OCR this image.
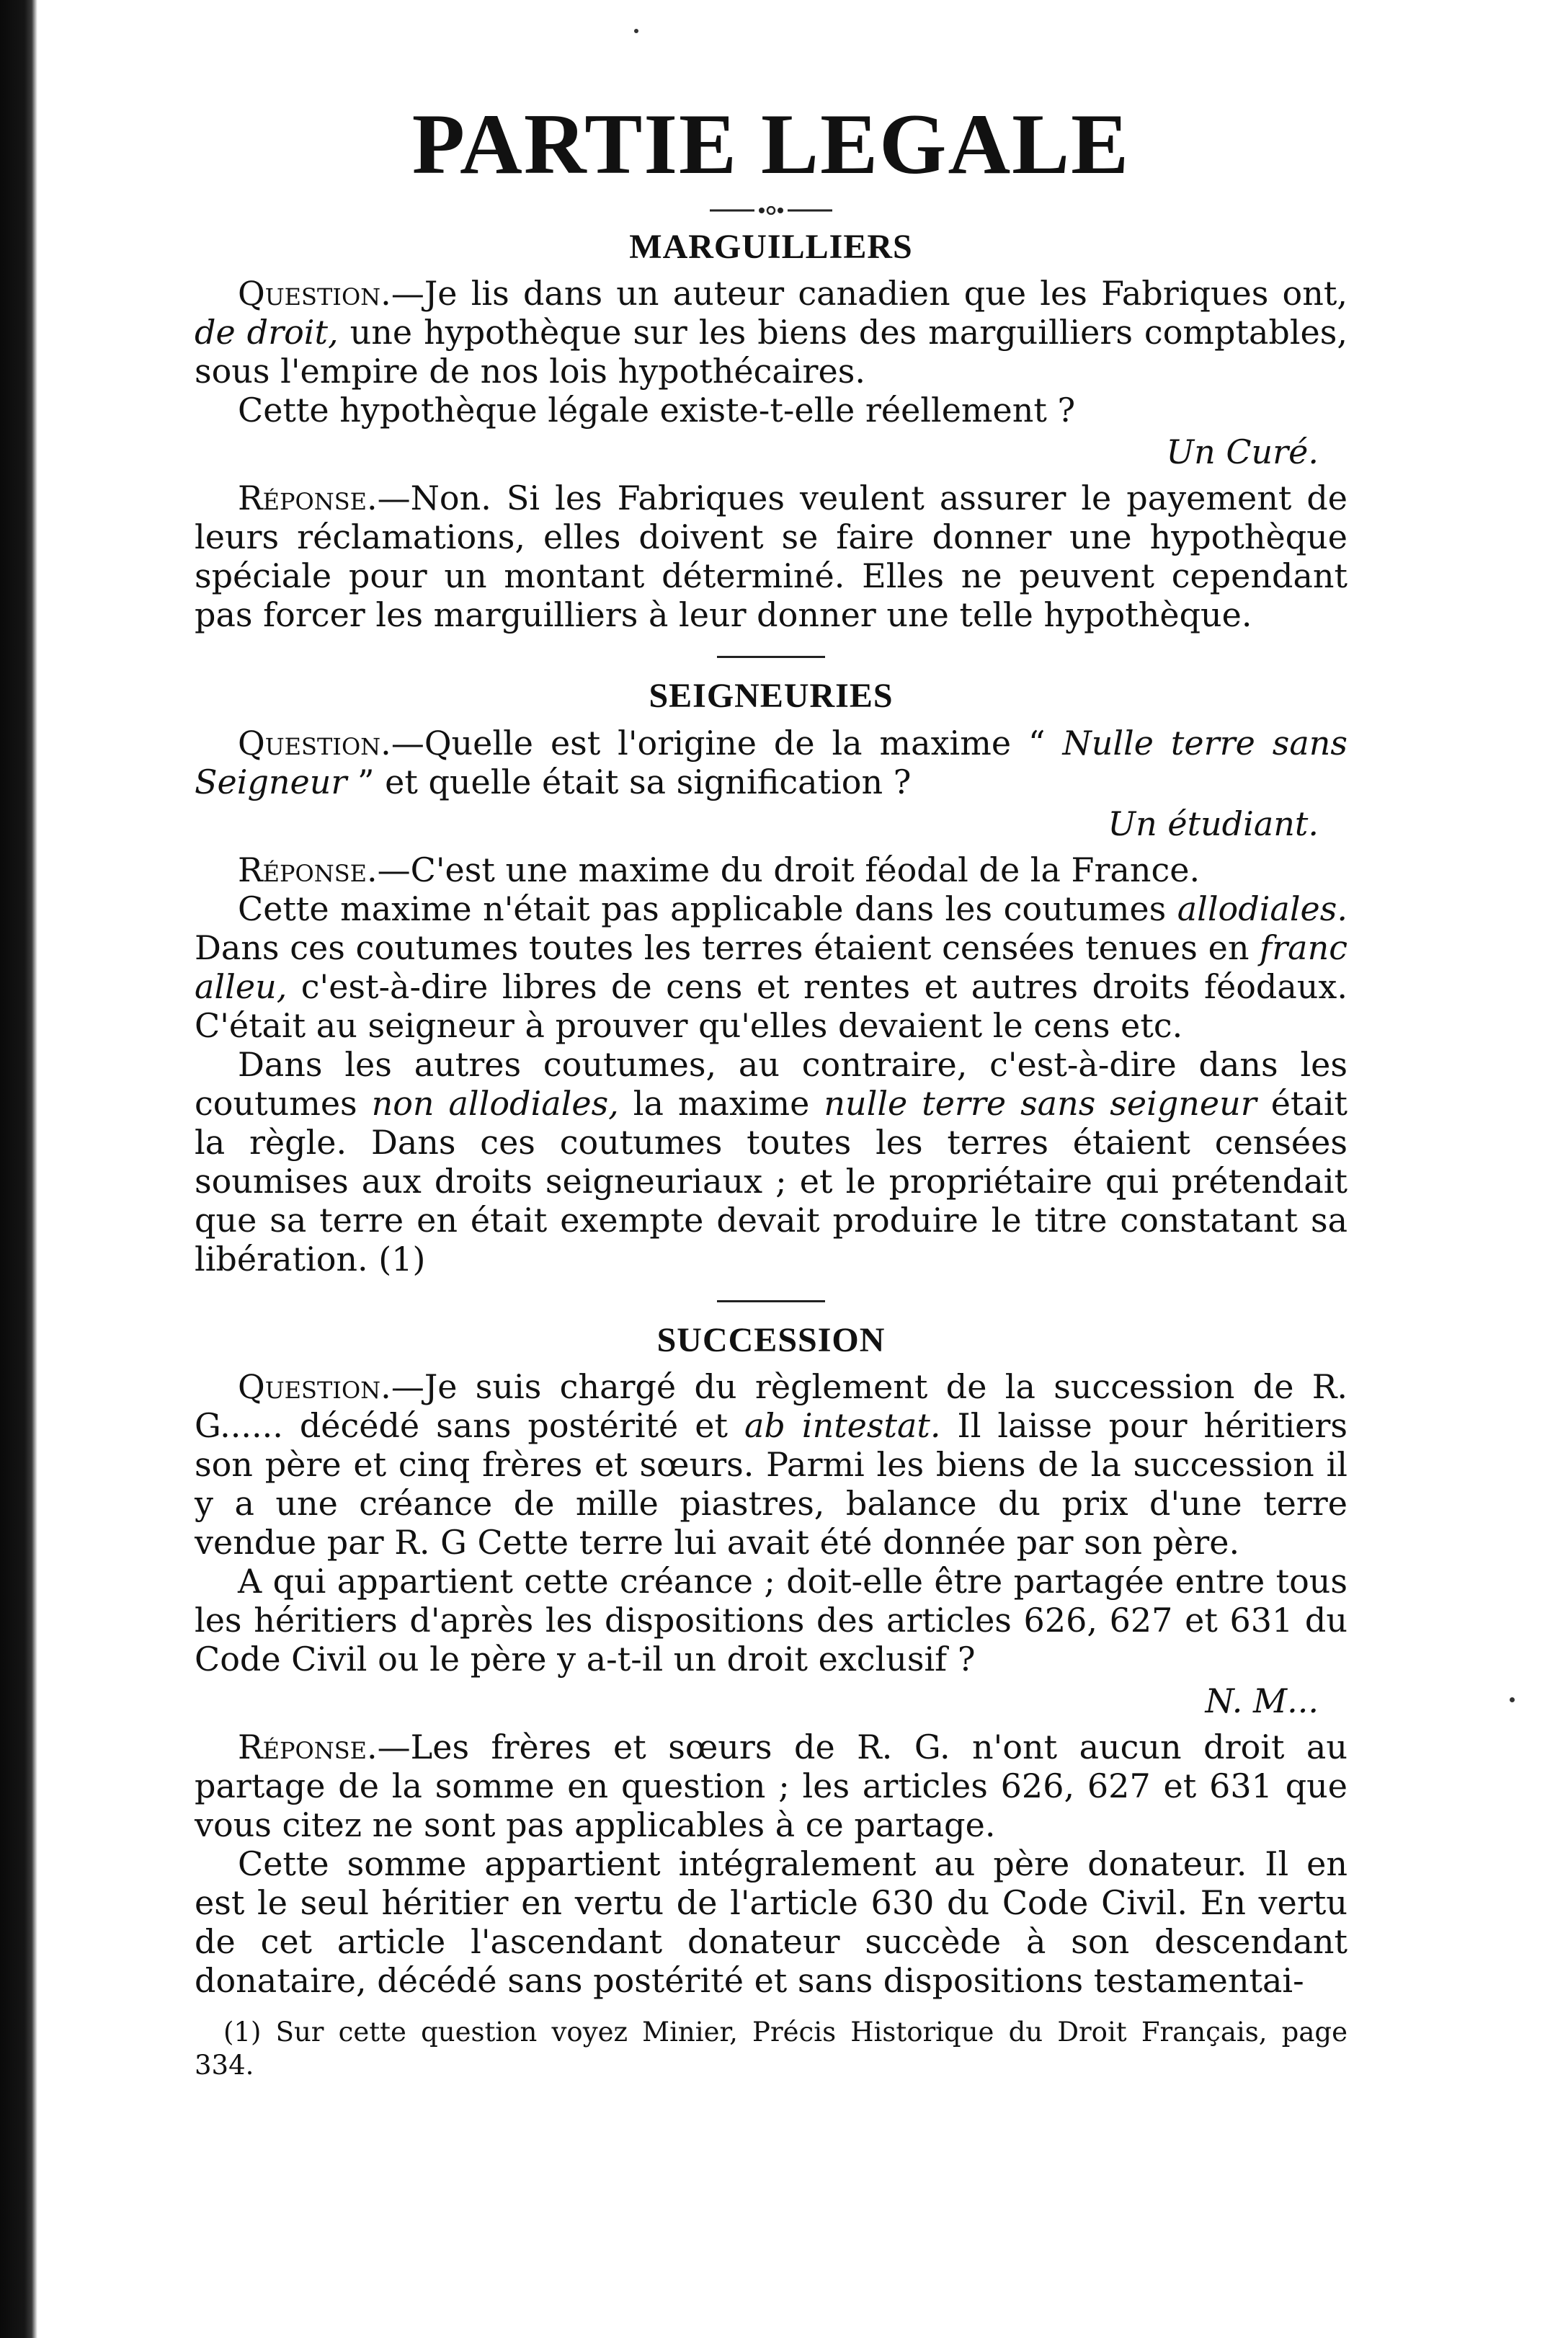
PARTIE LEGALE
MARGUILLIERS

Question.—Je lis dans un auteur canadien que les Fabriques ont, de droit, une hypothèque sur les biens des marguilliers comptables, sous l'empire de nos lois hypothécaires.

Cette hypothèque légale existe-t-elle réellement ?

Un Curé.

Réponse.—Non. Si les Fabriques veulent assurer le payement de leurs réclamations, elles doivent se faire donner une hypothèque spéciale pour un montant déterminé. Elles ne peuvent cependant pas forcer les marguilliers à leur donner une telle hypothèque.

SEIGNEURIES

Question.—Quelle est l'origine de la maxime “ Nulle terre sans Seigneur ” et quelle était sa signification ?

Un étudiant.

Réponse.—C'est une maxime du droit féodal de la France.

Cette maxime n'était pas applicable dans les coutumes allodiales. Dans ces coutumes toutes les terres étaient censées tenues en franc alleu, c'est-à-dire libres de cens et rentes et autres droits féodaux. C'était au seigneur à prouver qu'elles devaient le cens etc.

Dans les autres coutumes, au contraire, c'est-à-dire dans les coutumes non allodiales, la maxime nulle terre sans seigneur était la règle. Dans ces coutumes toutes les terres étaient censées soumises aux droits seigneuriaux ; et le propriétaire qui prétendait que sa terre en était exempte devait produire le titre constatant sa libération. (1)

SUCCESSION

Question.—Je suis chargé du règlement de la succession de R. G...... décédé sans postérité et ab intestat. Il laisse pour héritiers son père et cinq frères et sœurs. Parmi les biens de la succession il y a une créance de mille piastres, balance du prix d'une terre vendue par R. G Cette terre lui avait été donnée par son père.

A qui appartient cette créance ; doit-elle être partagée entre tous les héritiers d'après les dispositions des articles 626, 627 et 631 du Code Civil ou le père y a-t-il un droit exclusif ?

N. M...

Réponse.—Les frères et sœurs de R. G. n'ont aucun droit au partage de la somme en question ; les articles 626, 627 et 631 que vous citez ne sont pas applicables à ce partage.

Cette somme appartient intégralement au père donateur. Il en est le seul héritier en vertu de l'article 630 du Code Civil. En vertu de cet article l'ascendant donateur succède à son descendant donataire, décédé sans postérité et sans dispositions testamentai-

(1) Sur cette question voyez Minier, Précis Historique du Droit Français, page 334.
